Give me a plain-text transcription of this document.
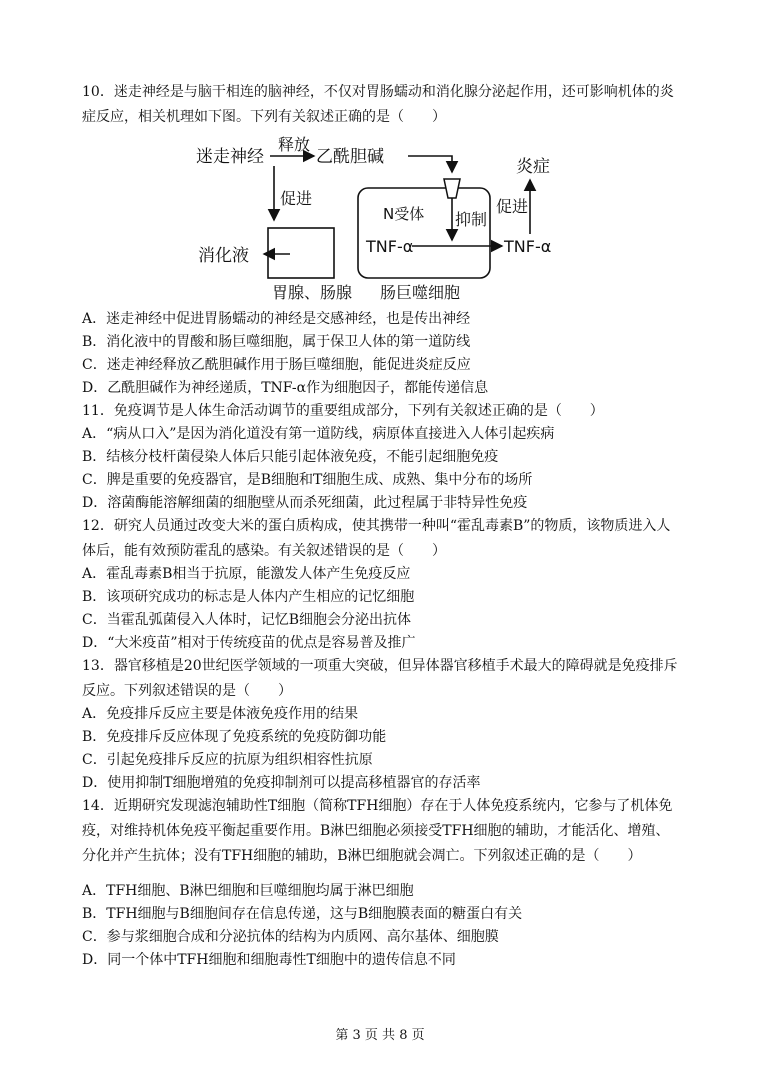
10．迷走神经是与脑干相连的脑神经，不仅对胃肠蠕动和消化腺分泌起作用，还可影响机体的炎症反应，相关机理如下图。下列有关叙述正确的是（　　）

迷走神经
释放
乙酰胆碱	炎症
促进
N受体 抑制
促进
消化液	TNF-α	TNF-α
胃腺、肠腺 肠巨噬细胞

A．迷走神经中促进胃肠蠕动的神经是交感神经，也是传出神经

B．消化液中的胃酸和肠巨噬细胞，属于保卫人体的第一道防线

C．迷走神经释放乙酰胆碱作用于肠巨噬细胞，能促进炎症反应

D．乙酰胆碱作为神经递质，TNF-α作为细胞因子，都能传递信息

11．免疫调节是人体生命活动调节的重要组成部分，下列有关叙述正确的是（　　）

A．“病从口入”是因为消化道没有第一道防线，病原体直接进入人体引起疾病

B．结核分枝杆菌侵染人体后只能引起体液免疫，不能引起细胞免疫

C．脾是重要的免疫器官，是B细胞和T细胞生成、成熟、集中分布的场所

D．溶菌酶能溶解细菌的细胞壁从而杀死细菌，此过程属于非特异性免疫

12．研究人员通过改变大米的蛋白质构成，使其携带一种叫“霍乱毒素B”的物质，该物质进入人体后，能有效预防霍乱的感染。有关叙述错误的是（　　）

A．霍乱毒素B相当于抗原，能激发人体产生免疫反应

B．该项研究成功的标志是人体内产生相应的记忆细胞

C．当霍乱弧菌侵入人体时，记忆B细胞会分泌出抗体

D．“大米疫苗”相对于传统疫苗的优点是容易普及推广

13．器官移植是20世纪医学领域的一项重大突破，但异体器官移植手术最大的障碍就是免疫排斥反应。下列叙述错误的是（　　）

A．免疫排斥反应主要是体液免疫作用的结果

B．免疫排斥反应体现了免疫系统的免疫防御功能

C．引起免疫排斥反应的抗原为组织相容性抗原

D．使用抑制T细胞增殖的免疫抑制剂可以提高移植器官的存活率

14．近期研究发现滤泡辅助性T细胞（简称TFH细胞）存在于人体免疫系统内，它参与了机体免疫，对维持机体免疫平衡起重要作用。B淋巴细胞必须接受TFH细胞的辅助，才能活化、增殖、分化并产生抗体；没有TFH细胞的辅助，B淋巴细胞就会凋亡。下列叙述正确的是（　　）

A．TFH细胞、B淋巴细胞和巨噬细胞均属于淋巴细胞

B．TFH细胞与B细胞间存在信息传递，这与B细胞膜表面的糖蛋白有关

C．参与浆细胞合成和分泌抗体的结构为内质网、高尔基体、细胞膜

D．同一个体中TFH细胞和细胞毒性T细胞中的遗传信息不同

第 3 页 共 8 页
